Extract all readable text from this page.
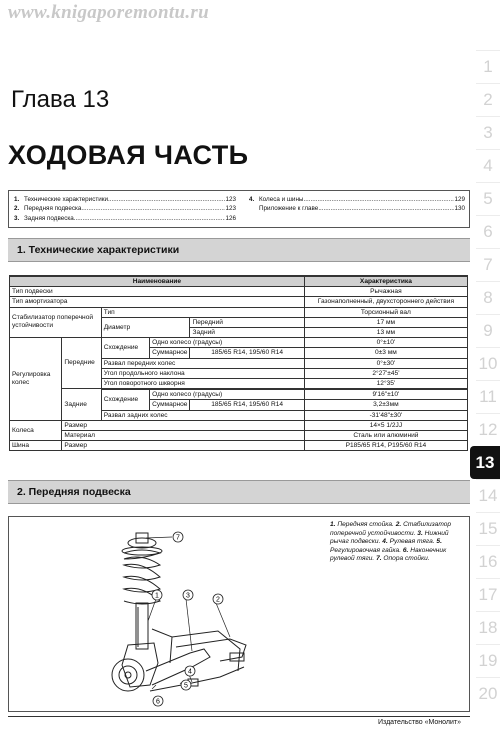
www.knigaporemontu.ru
Глава 13
ХОДОВАЯ ЧАСТЬ
1. Технические характеристики .....	123
2. Передняя подвеска .....	123
3. Задняя подвеска .....	126
4. Колеса и шины .....	129
Приложение к главе .....	130
1. Технические характеристики
Наименование					Характеристика
Тип подвески					Рычажная
Тип амортизатора					Газонаполненный, двухстороннего действия
Стабилизатор поперечной устойчивости		Тип			Торсионный вал
		Диаметр		Передний	17 мм
				Задний	13 мм
Регулировка колес	Передние	Схождение	Одно колесо (градусы)		0°±10'
			Суммарное	185/65 R14, 195/60 R14	0±3 мм
		Развал передних колес			0°±30'
		Угол продольного наклона			2°27'±45'
		Угол поворотного шкворня			12°35'
	Задние				
		Схождение	Одно колесо (градусы)		9'16"±10'
			Суммарное	185/65 R14, 195/60 R14	3,2±3мм
		Развал задних колес			-31'48"±30'
Колеса	Размер				14×5 1/2JJ
	Материал				Сталь или алюминий
Шина	Размер				P185/65 R14, P195/60 R14
2. Передняя подвеска
7
1	3
2
4
5
6
1. Передняя стойка. 2. Стабилизатор поперечной устойчивости. 3. Нижний рычаг подвески. 4. Рулевая тяга. 5. Регулировочная гайка. 6. Наконечник рулевой тяги. 7. Опора стойки.
Издательство «Монолит»
1
2
3
4
5
6
7
8
9
10
11
12
13
14
15
16
17
18
19
20
